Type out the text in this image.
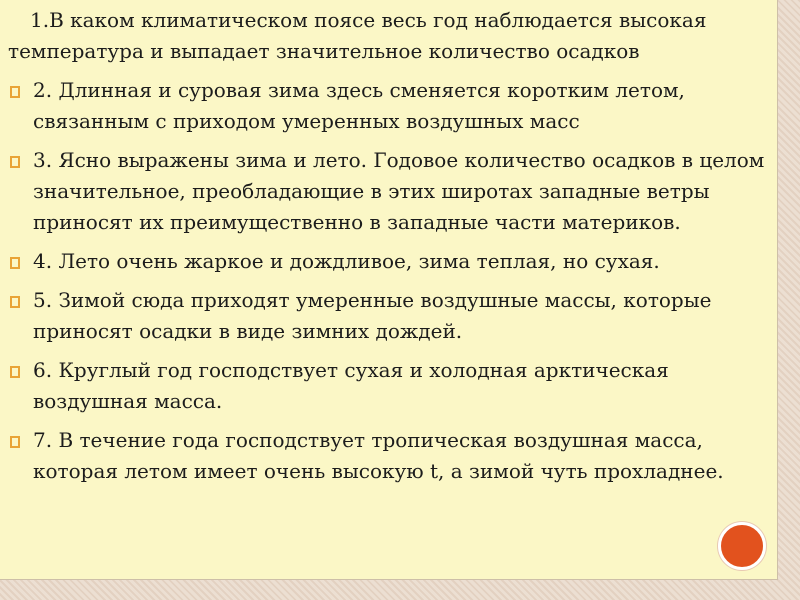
1.В каком климатическом поясе весь год наблюдается высокая температура и выпадает значительное количество осадков

2. Длинная и суровая зима здесь сменяется коротким летом, связанным с приходом умеренных воздушных масс
3. Ясно выражены зима и лето. Годовое количество осадков в целом значительное, преобладающие в этих широтах западные ветры приносят их преимущественно в западные части материков.
4. Лето очень жаркое и дождливое, зима теплая, но сухая.
5. Зимой сюда приходят умеренные воздушные массы, которые приносят осадки в виде зимних дождей.
6. Круглый год господствует сухая и холодная арктическая воздушная масса.
7. В течение года господствует тропическая воздушная масса, которая летом имеет очень высокую t, а зимой чуть прохладнее.
